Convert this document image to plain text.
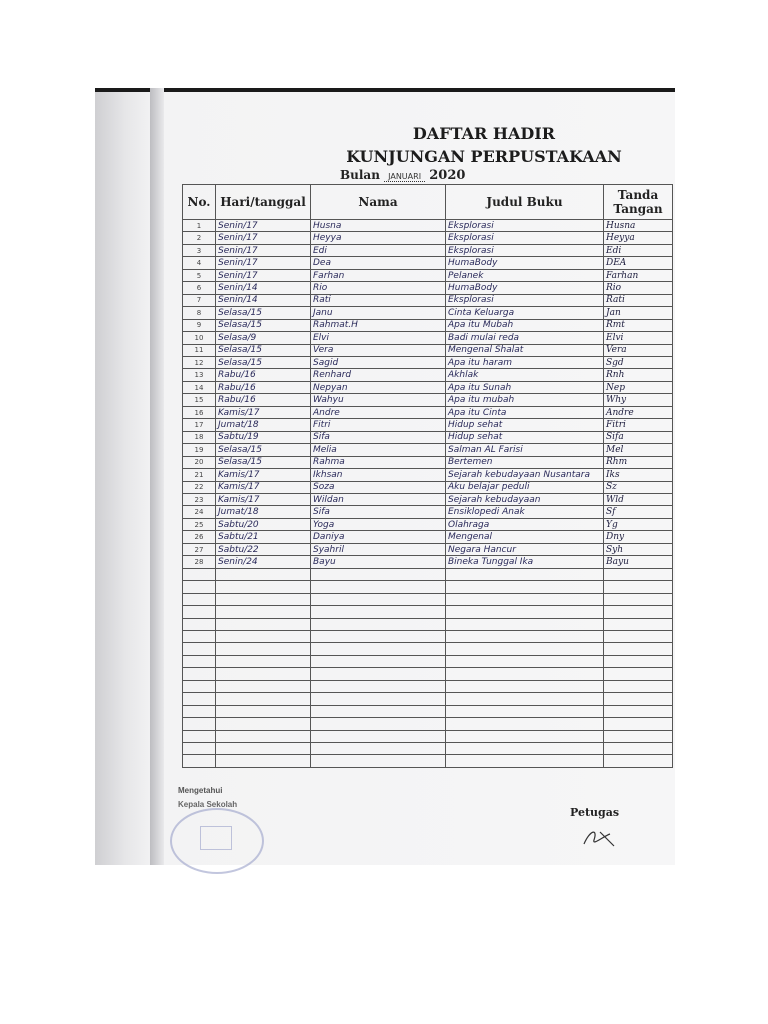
DAFTAR HADIR
KUNJUNGAN PERPUSTAKAAN
Bulan JANUARI 2020
No.	Hari/tanggal	Nama	Judul Buku	Tanda Tangan
1	Senin/17	Husna	Eksplorasi	Husna
2	Senin/17	Heyya	Eksplorasi	Heyya
3	Senin/17	Edi	Eksplorasi	Edi
4	Senin/17	Dea	HumaBody	DEA
5	Senin/17	Farhan	Pelanek	Farhan
6	Senin/14	Rio	HumaBody	Rio
7	Senin/14	Rati	Eksplorasi	Rati
8	Selasa/15	Janu	Cinta Keluarga	Jan
9	Selasa/15	Rahmat.H	Apa itu Mubah	Rmt
10	Selasa/9	Elvi	Badi mulai reda	Elvi
11	Selasa/15	Vera	Mengenal Shalat	Vera
12	Selasa/15	Sagid	Apa itu haram	Sgd
13	Rabu/16	Renhard	Akhlak	Rnh
14	Rabu/16	Nepyan	Apa itu Sunah	Nep
15	Rabu/16	Wahyu	Apa itu mubah	Why
16	Kamis/17	Andre	Apa itu Cinta	Andre
17	Jumat/18	Fitri	Hidup sehat	Fitri
18	Sabtu/19	Sifa	Hidup sehat	Sifa
19	Selasa/15	Melia	Salman AL Farisi	Mel
20	Selasa/15	Rahma	Bertemen	Rhm
21	Kamis/17	Ikhsan	Sejarah kebudayaan Nusantara	Iks
22	Kamis/17	Soza	Aku belajar peduli	Sz
23	Kamis/17	Wildan	Sejarah kebudayaan	Wld
24	Jumat/18	Sifa	Ensiklopedi Anak	Sf
25	Sabtu/20	Yoga	Olahraga	Yg
26	Sabtu/21	Daniya	Mengenal	Dny
27	Sabtu/22	Syahril	Negara Hancur	Syh
28	Senin/24	Bayu	Bineka Tunggal Ika	Bayu

Mengetahui
Kepala Sekolah
Petugas
